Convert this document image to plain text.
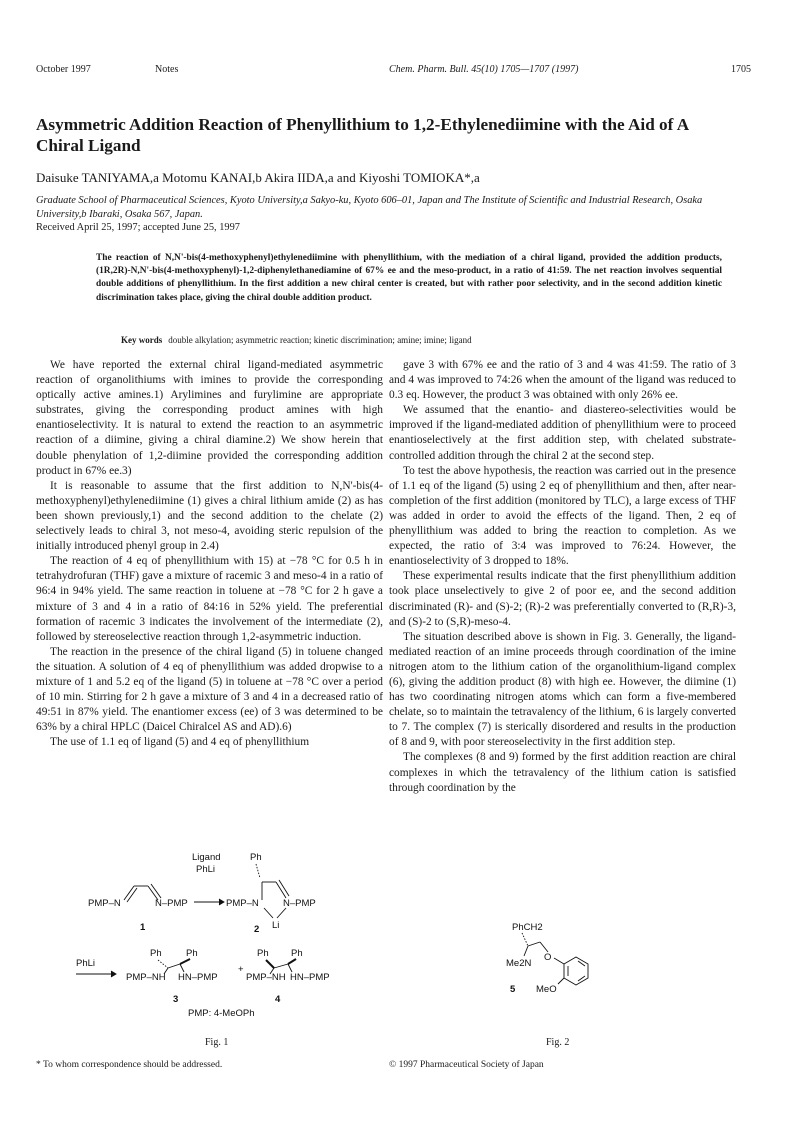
October 1997	Notes	Chem. Pharm. Bull. 45(10) 1705—1707 (1997)	1705
Asymmetric Addition Reaction of Phenyllithium to 1,2-Ethylenediimine with the Aid of A Chiral Ligand
Daisuke TANIYAMA,a Motomu KANAI,b Akira IIDA,a and Kiyoshi TOMIOKA*,a
Graduate School of Pharmaceutical Sciences, Kyoto University,a Sakyo-ku, Kyoto 606–01, Japan and The Institute of Scientific and Industrial Research, Osaka University,b Ibaraki, Osaka 567, Japan.
Received April 25, 1997; accepted June 25, 1997
The reaction of N,N'-bis(4-methoxyphenyl)ethylenediimine with phenyllithium, with the mediation of a chiral ligand, provided the addition products, (1R,2R)-N,N'-bis(4-methoxyphenyl)-1,2-diphenylethanediamine of 67% ee and the meso-product, in a ratio of 41:59. The net reaction involves sequential double additions of phenyllithium. In the first addition a new chiral center is created, but with rather poor selectivity, and in the second addition kinetic discrimination takes place, giving the chiral double addition product.
Key words double alkylation; asymmetric reaction; kinetic discrimination; amine; imine; ligand

We have reported the external chiral ligand-mediated asymmetric reaction of organolithiums with imines to provide the corresponding optically active amines.1) Arylimines and furylimine are appropriate substrates, giving the corresponding product amines with high enantioselectivity. It is natural to extend the reaction to an asymmetric reaction of a diimine, giving a chiral diamine.2) We show herein that double phenylation of 1,2-diimine provided the corresponding addition product in 67% ee.3)

It is reasonable to assume that the first addition to N,N'-bis(4-methoxyphenyl)ethylenediimine (1) gives a chiral lithium amide (2) as has been shown previously,1) and the second addition to the chelate (2) selectively leads to chiral 3, not meso-4, avoiding steric repulsion of the initially introduced phenyl group in 2.4)

The reaction of 4 eq of phenyllithium with 15) at −78 °C for 0.5 h in tetrahydrofuran (THF) gave a mixture of racemic 3 and meso-4 in a ratio of 96:4 in 94% yield. The same reaction in toluene at −78 °C for 2 h gave a mixture of 3 and 4 in a ratio of 84:16 in 52% yield. The preferential formation of racemic 3 indicates the involvement of the intermediate (2), followed by stereoselective reaction through 1,2-asymmetric induction.

The reaction in the presence of the chiral ligand (5) in toluene changed the situation. A solution of 4 eq of phenyllithium was added dropwise to a mixture of 1 and 5.2 eq of the ligand (5) in toluene at −78 °C over a period of 10 min. Stirring for 2 h gave a mixture of 3 and 4 in a decreased ratio of 49:51 in 87% yield. The enantiomer excess (ee) of 3 was determined to be 63% by a chiral HPLC (Daicel Chiralcel AS and AD).6)

The use of 1.1 eq of ligand (5) and 4 eq of phenyllithium

gave 3 with 67% ee and the ratio of 3 and 4 was 41:59. The ratio of 3 and 4 was improved to 74:26 when the amount of the ligand was reduced to 0.3 eq. However, the product 3 was obtained with only 26% ee.

We assumed that the enantio- and diastereo-selectivities would be improved if the ligand-mediated addition of phenyllithium were to proceed enantioselectively at the first addition step, with chelated substrate-controlled addition through the chiral 2 at the second step.

To test the above hypothesis, the reaction was carried out in the presence of 1.1 eq of the ligand (5) using 2 eq of phenyllithium and then, after near-completion of the first addition (monitored by TLC), a large excess of THF was added in order to avoid the effects of the ligand. Then, 2 eq of phenyllithium was added to bring the reaction to completion. As we expected, the ratio of 3:4 was improved to 76:24. However, the enantioselectivity of 3 dropped to 18%.

These experimental results indicate that the first phenyllithium addition took place unselectively to give 2 of poor ee, and the second addition discriminated (R)- and (S)-2; (R)-2 was preferentially converted to (R,R)-3, and (S)-2 to (S,R)-meso-4.

The situation described above is shown in Fig. 3. Generally, the ligand-mediated reaction of an imine proceeds through coordination of the imine nitrogen atom to the lithium cation of the organolithium-ligand complex (6), giving the addition product (8) with high ee. However, the diimine (1) has two coordinating nitrogen atoms which can form a five-membered chelate, so to maintain the tetravalency of the lithium, 6 is largely converted to 7. The complex (7) is sterically disordered and results in the production of 8 and 9, with poor stereoselectivity in the first addition step.

The complexes (8 and 9) formed by the first addition reaction are chiral complexes in which the tetravalency of the lithium cation is satisfied through coordination by the

PMP–N	N–PMP
1
Ligand
PhLi
Ph
PMP–N	N–PMP
Li
2
PhLi
Ph	Ph
PMP–NH HN–PMP
+
3
Ph Ph
PMP–NH HN–PMP
4
PMP: 4-MeOPh
Fig. 1
PhCH2
O
Me2N
MeO
5
Fig. 2
* To whom correspondence should be addressed.	© 1997 Pharmaceutical Society of Japan
